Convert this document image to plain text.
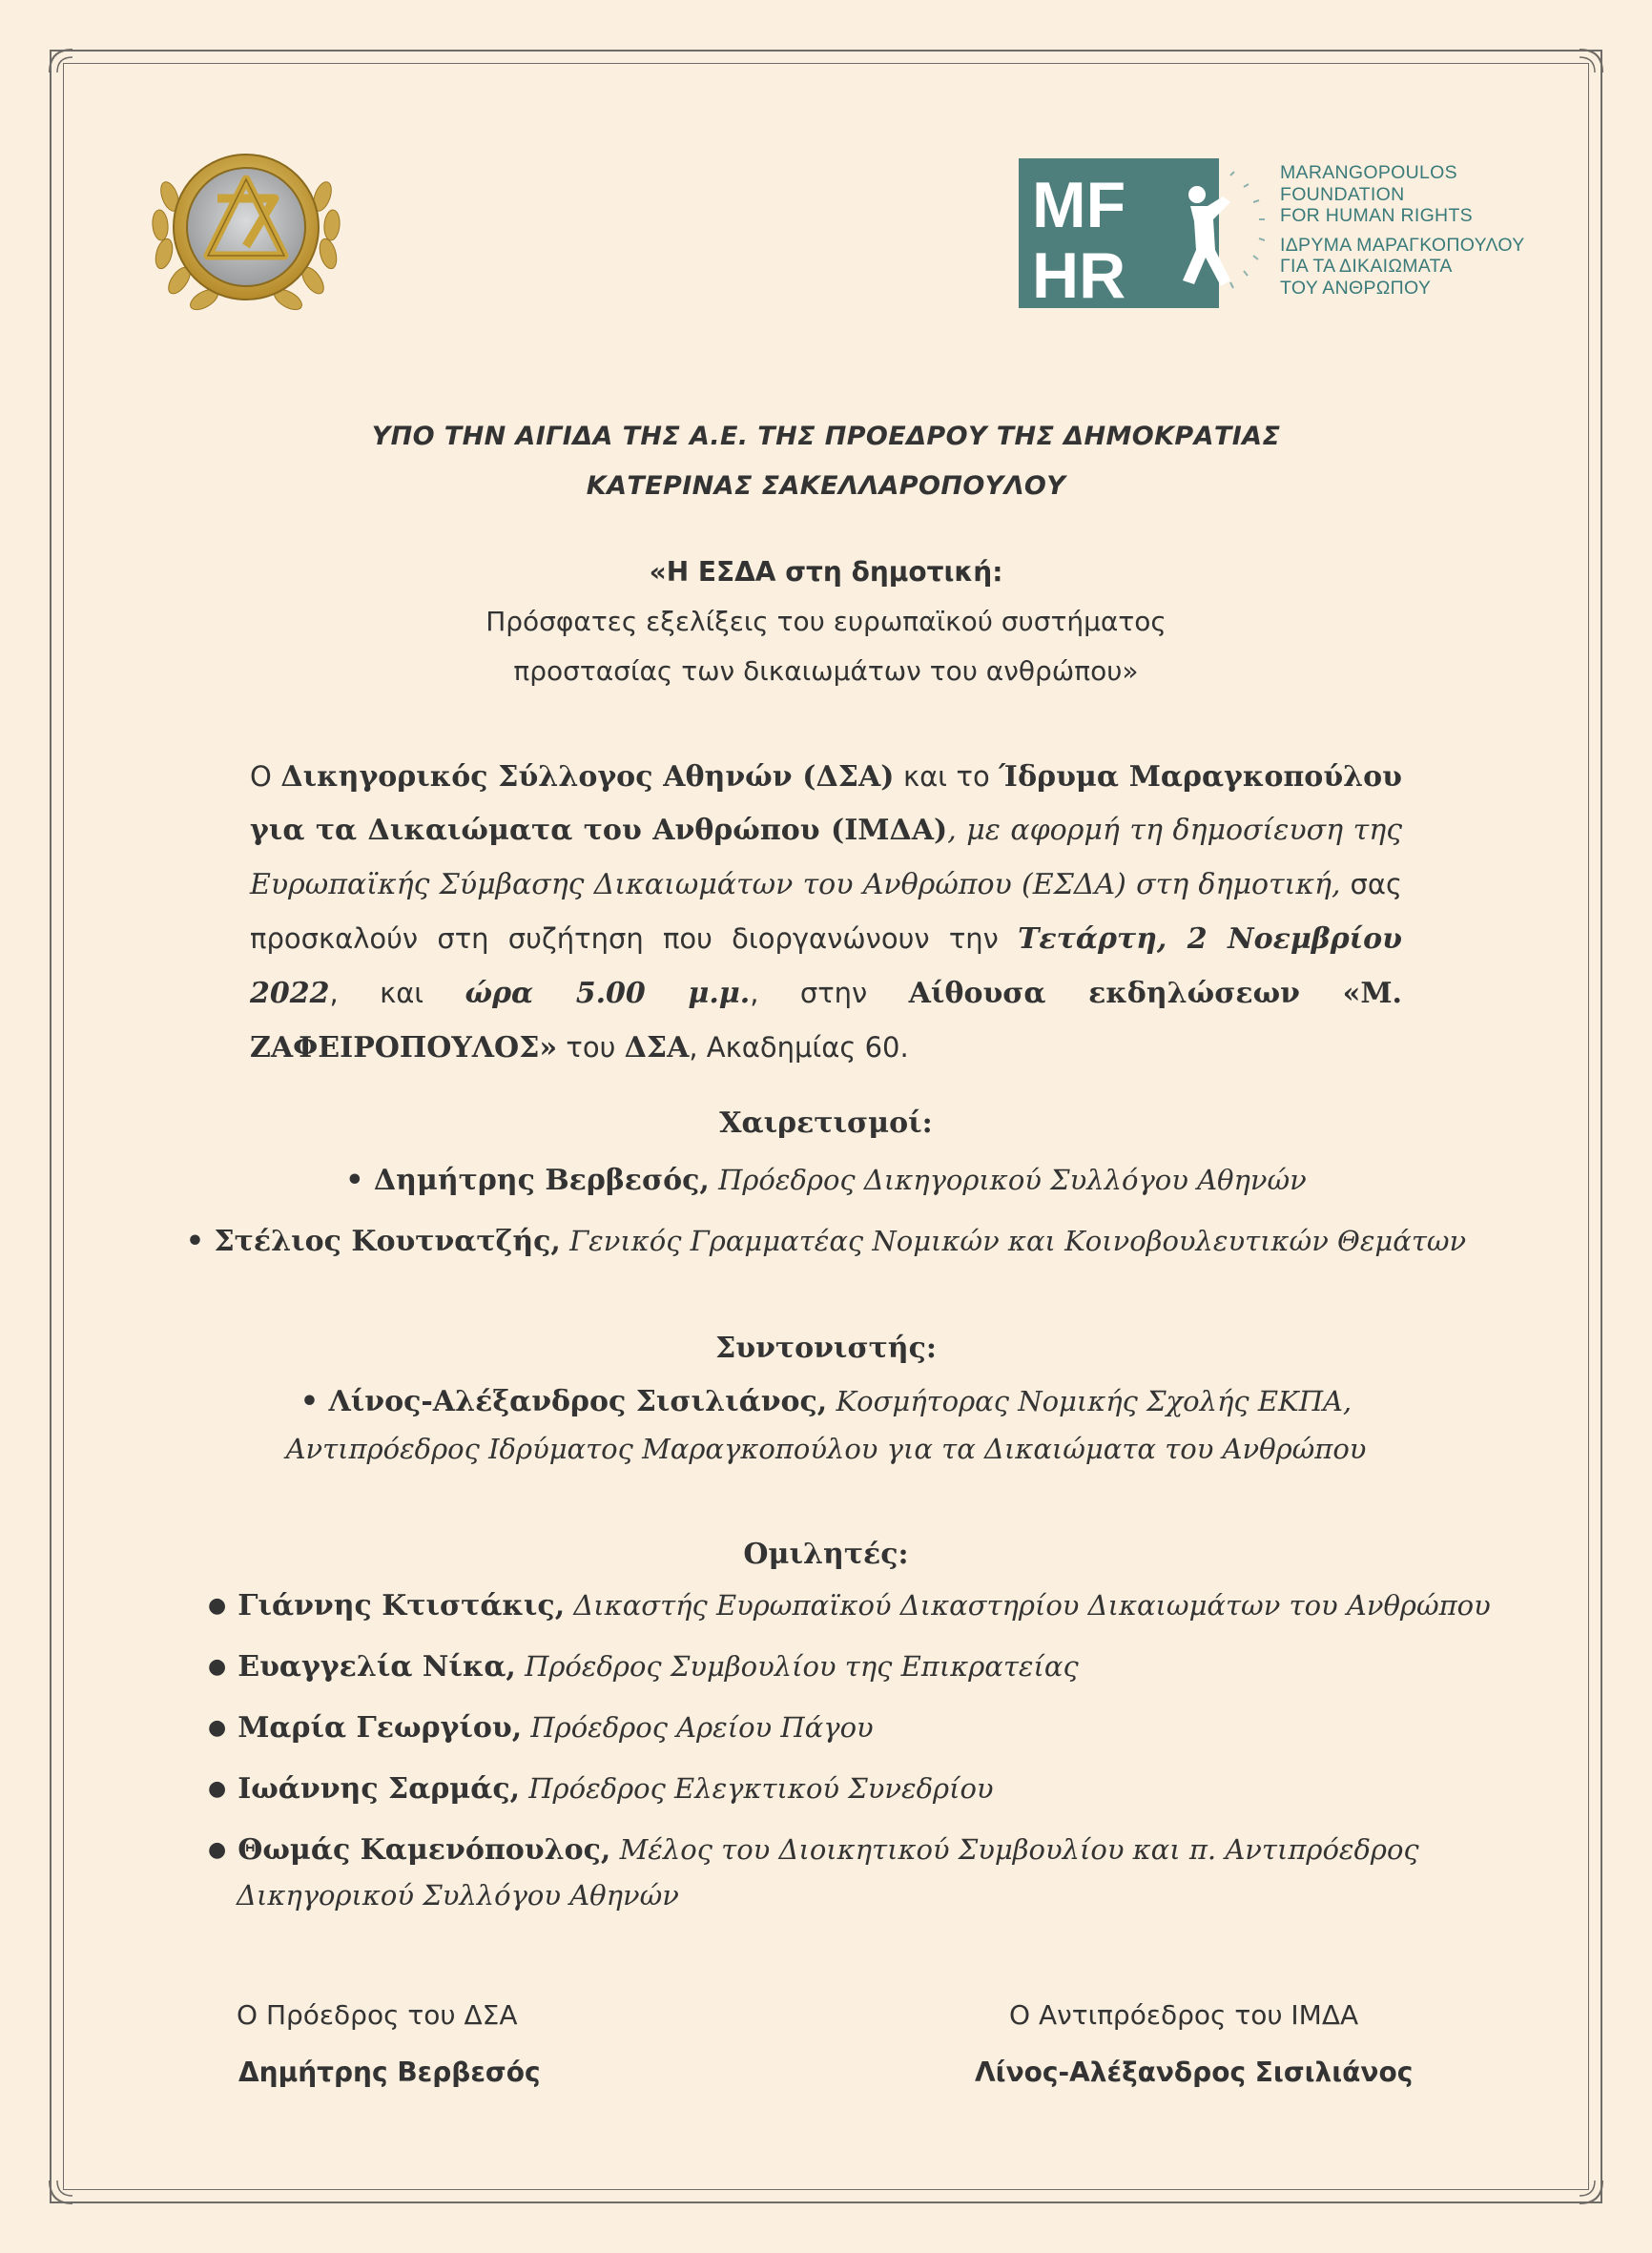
MF
HR
MARANGOPOULOS
FOUNDATION
FOR HUMAN RIGHTS
ΙΔΡΥΜΑ ΜΑΡΑΓΚΟΠΟΥΛΟΥ
ΓΙΑ ΤΑ ΔΙΚΑΙΩΜΑΤΑ
ΤΟΥ ΑΝΘΡΩΠΟΥ
ΥΠΟ ΤΗΝ ΑΙΓΙΔΑ ΤΗΣ Α.Ε. ΤΗΣ ΠΡΟΕΔΡΟΥ ΤΗΣ ΔΗΜΟΚΡΑΤΙΑΣ
ΚΑΤΕΡΙΝΑΣ ΣΑΚΕΛΛΑΡΟΠΟΥΛΟΥ
«Η ΕΣΔΑ στη δημοτική:
Πρόσφατες εξελίξεις του ευρωπαϊκού συστήματος
προστασίας των δικαιωμάτων του ανθρώπου»
Ο Δικηγορικός Σύλλογος Αθηνών (ΔΣΑ) και το Ίδρυμα Μαραγκοπούλου για τα Δικαιώματα του Ανθρώπου (ΙΜΔΑ), με αφορμή τη δημοσίευση της Ευρωπαϊκής Σύμβασης Δικαιωμάτων του Ανθρώπου (ΕΣΔΑ) στη δημοτική, σας προσκαλούν στη συζήτηση που διοργανώνουν την Τετάρτη, 2 Νοεμβρίου 2022, και ώρα 5.00 μ.μ., στην Αίθουσα εκδηλώσεων «Μ. ΖΑΦΕΙΡΟΠΟΥΛΟΣ» του ΔΣΑ, Ακαδημίας 60.
Χαιρετισμοί:
• Δημήτρης Βερβεσός, Πρόεδρος Δικηγορικού Συλλόγου Αθηνών
• Στέλιος Κουτνατζής, Γενικός Γραμματέας Νομικών και Κοινοβουλευτικών Θεμάτων
Συντονιστής:
• Λίνος-Αλέξανδρος Σισιλιάνος, Κοσμήτορας Νομικής Σχολής ΕΚΠΑ,
Αντιπρόεδρος Ιδρύματος Μαραγκοπούλου για τα Δικαιώματα του Ανθρώπου
Ομιλητές:
● Γιάννης Κτιστάκις, Δικαστής Ευρωπαϊκού Δικαστηρίου Δικαιωμάτων του Ανθρώπου
● Ευαγγελία Νίκα, Πρόεδρος Συμβουλίου της Επικρατείας
● Μαρία Γεωργίου, Πρόεδρος Αρείου Πάγου
● Ιωάννης Σαρμάς, Πρόεδρος Ελεγκτικού Συνεδρίου
● Θωμάς Καμενόπουλος, Μέλος του Διοικητικού Συμβουλίου και π. Αντιπρόεδρος
Δικηγορικού Συλλόγου Αθηνών
Ο Πρόεδρος του ΔΣΑ
Δημήτρης Βερβεσός
Ο Αντιπρόεδρος του ΙΜΔΑ
Λίνος-Αλέξανδρος Σισιλιάνος
